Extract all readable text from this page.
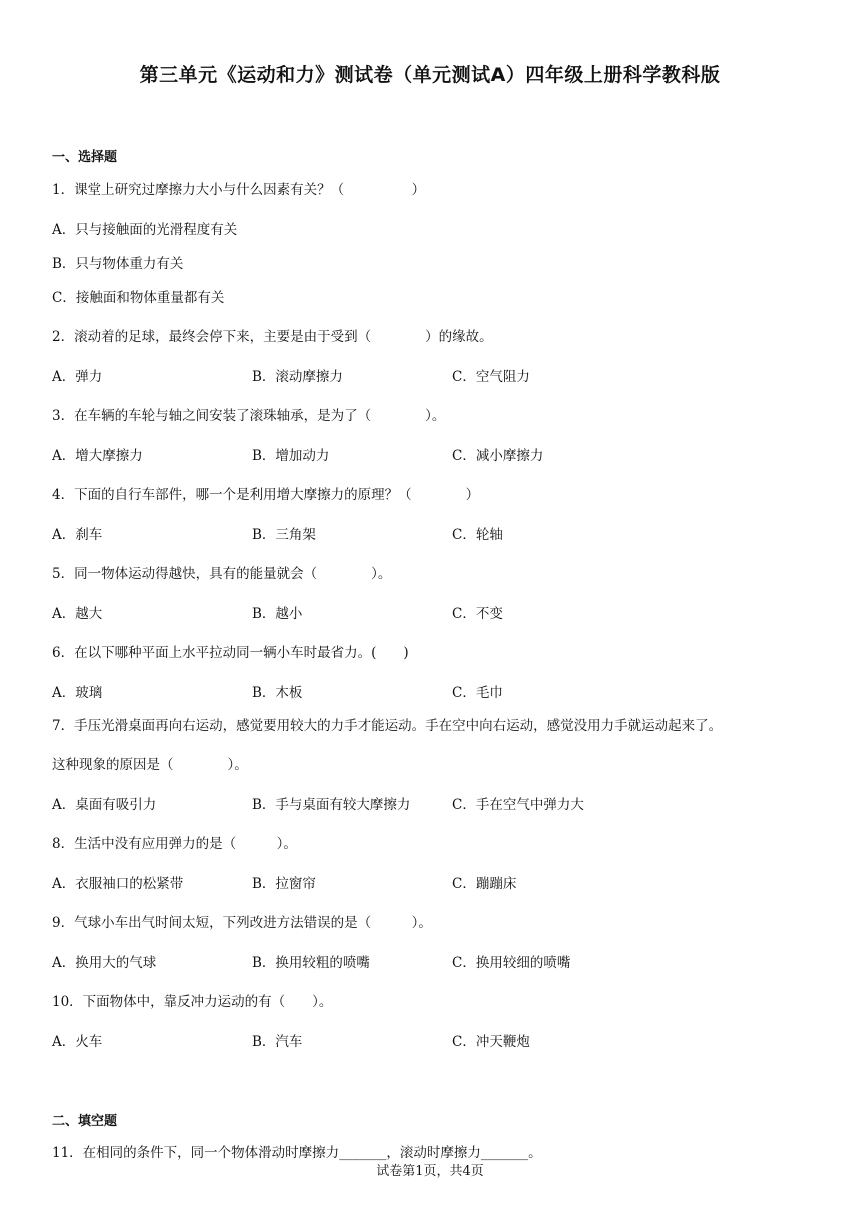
第三单元《运动和力》测试卷（单元测试A）四年级上册科学教科版
一、选择题
1．课堂上研究过摩擦力大小与什么因素有关？（　　　　　）
A．只与接触面的光滑程度有关
B．只与物体重力有关
C．接触面和物体重量都有关
2．滚动着的足球，最终会停下来，主要是由于受到（　　　　）的缘故。
A．弹力	B．滚动摩擦力	C．空气阻力
3．在车辆的车轮与轴之间安装了滚珠轴承，是为了（　　　　）。
A．增大摩擦力	B．增加动力	C．减小摩擦力
4．下面的自行车部件，哪一个是利用增大摩擦力的原理？（　　　　）
A．刹车	B．三角架	C．轮轴
5．同一物体运动得越快，具有的能量就会（　　　　）。
A．越大	B．越小	C．不变
6．在以下哪种平面上水平拉动同一辆小车时最省力。(　　)
A．玻璃	B．木板	C．毛巾
7．手压光滑桌面再向右运动，感觉要用较大的力手才能运动。手在空中向右运动，感觉没用力手就运动起来了。
这种现象的原因是（　　　　）。
A．桌面有吸引力	B．手与桌面有较大摩擦力	C．手在空气中弹力大
8．生活中没有应用弹力的是（　　　）。
A．衣服袖口的松紧带	B．拉窗帘	C．蹦蹦床
9．气球小车出气时间太短，下列改进方法错误的是（　　　）。
A．换用大的气球	B．换用较粗的喷嘴	C．换用较细的喷嘴
10．下面物体中，靠反冲力运动的有（　　）。
A．火车	B．汽车	C．冲天鞭炮
二、填空题
11．在相同的条件下，同一个物体滑动时摩擦力_______，滚动时摩擦力_______。
试卷第1页，共4页
